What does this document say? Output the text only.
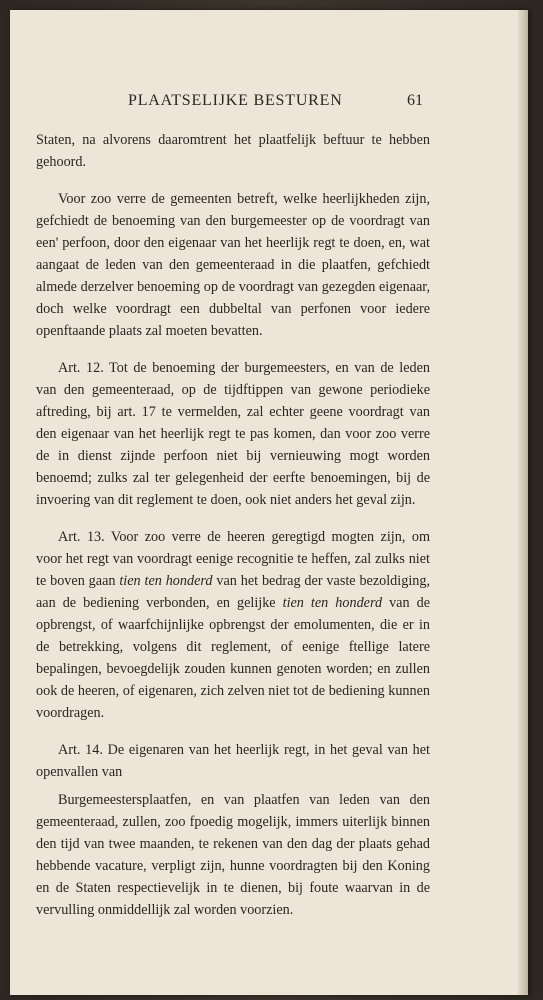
PLAATSELIJKE BESTUREN	61

Staten, na alvorens daaromtrent het plaatfelijk beftuur te hebben gehoord.

Voor zoo verre de gemeenten betreft, welke heerlijkheden zijn, gefchiedt de benoeming van den burgemeester op de voordragt van een' perfoon, door den eigenaar van het heerlijk regt te doen, en, wat aangaat de leden van den gemeenteraad in die plaatfen, gefchiedt almede derzelver benoeming op de voordragt van gezegden eigenaar, doch welke voordragt een dubbeltal van perfonen voor iedere openftaande plaats zal moeten bevatten.

Art. 12. Tot de benoeming der burgemeesters, en van de leden van den gemeenteraad, op de tijdftippen van gewone periodieke aftreding, bij art. 17 te vermelden, zal echter geene voordragt van den eigenaar van het heerlijk regt te pas komen, dan voor zoo verre de in dienst zijnde perfoon niet bij vernieuwing mogt worden benoemd; zulks zal ter gelegenheid der eerfte benoemingen, bij de invoering van dit reglement te doen, ook niet anders het geval zijn.

Art. 13. Voor zoo verre de heeren geregtigd mogten zijn, om voor het regt van voordragt eenige recognitie te heffen, zal zulks niet te boven gaan tien ten honderd van het bedrag der vaste bezoldiging, aan de bediening verbonden, en gelijke tien ten honderd van de opbrengst, of waarfchijnlijke opbrengst der emolumenten, die er in de betrekking, volgens dit reglement, of eenige ftellige latere bepalingen, bevoegdelijk zouden kunnen genoten worden; en zullen ook de heeren, of eigenaren, zich zelven niet tot de bediening kunnen voordragen.

Art. 14. De eigenaren van het heerlijk regt, in het geval van het openvallen van

Burgemeestersplaatfen, en van plaatfen van leden van den gemeenteraad, zullen, zoo fpoedig mogelijk, immers uiterlijk binnen den tijd van twee maanden, te rekenen van den dag der plaats gehad hebbende vacature, verpligt zijn, hunne voordragten bij den Koning en de Staten respectievelijk in te dienen, bij foute waarvan in de vervulling onmiddellijk zal worden voorzien.
